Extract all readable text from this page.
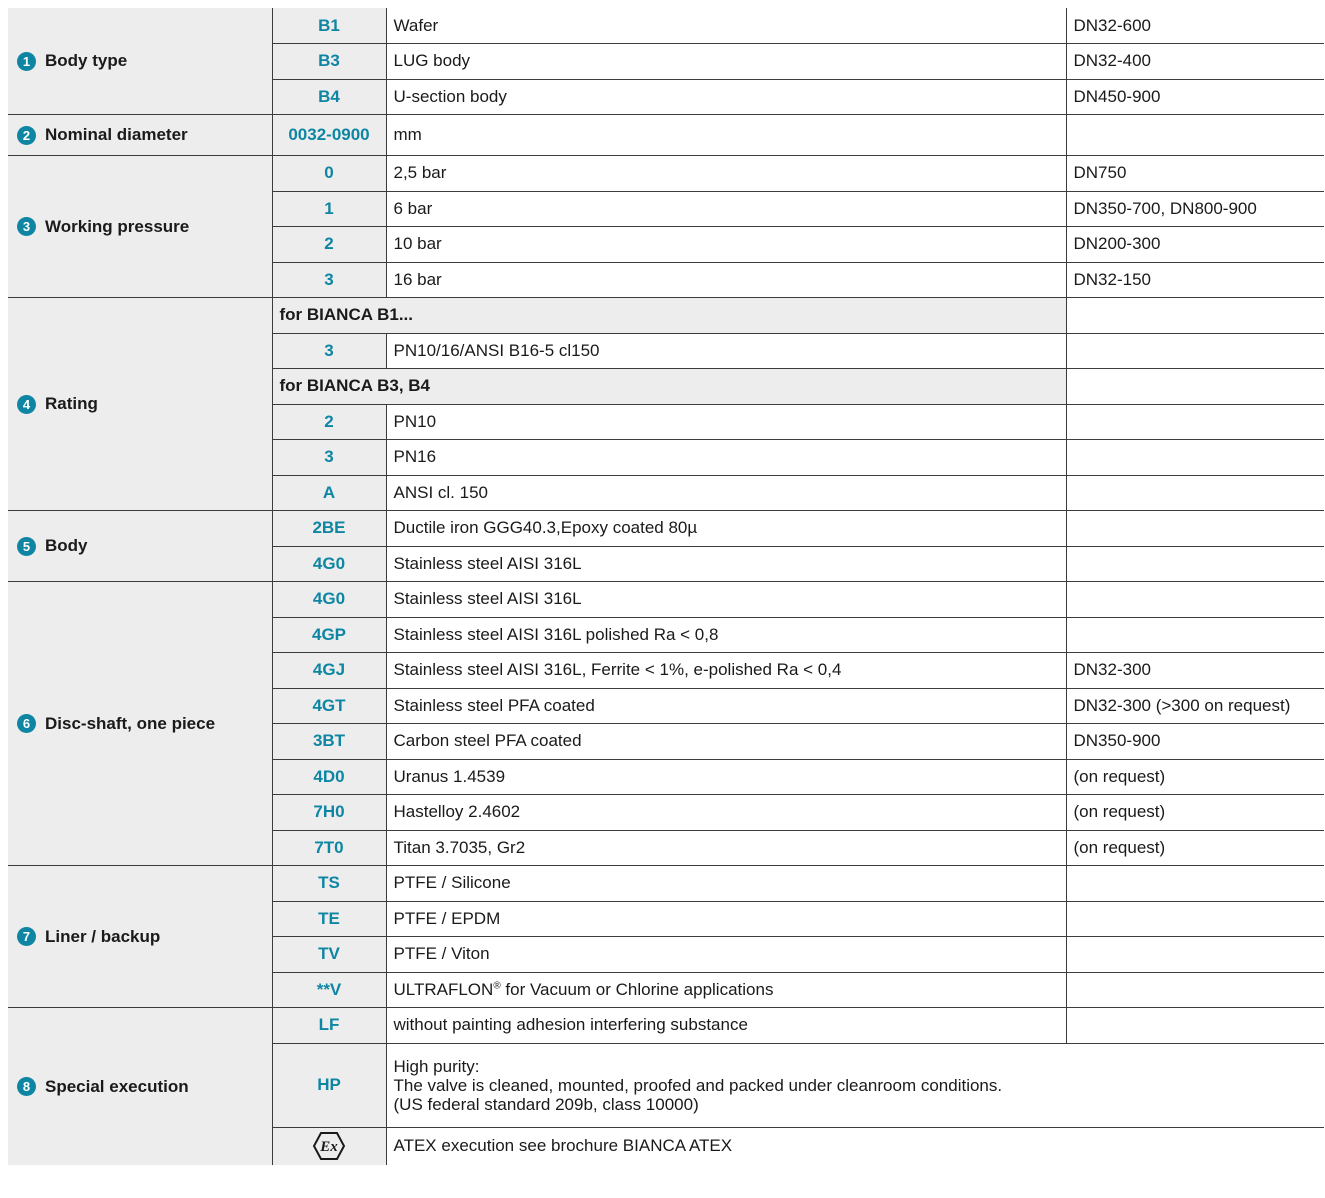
1 Body type	B1	Wafer	DN32-600
	B3	LUG body	DN32-400
	B4	U-section body	DN450-900

2 Nominal diameter	0032-0900	mm	

3 Working pressure	0	2,5 bar	DN750
	1	6 bar	DN350-700, DN800-900
	2	10 bar	DN200-300
	3	16 bar	DN32-150

4 Rating	for BIANCA B1...		
	3	PN10/16/ANSI B16-5 cl150	
	for BIANCA B3, B4		
	2	PN10	
	3	PN16	
	A	ANSI cl. 150	

5 Body	2BE	Ductile iron GGG40.3,Epoxy coated 80µ	
	4G0	Stainless steel AISI 316L	

6 Disc-shaft, one piece	4G0	Stainless steel AISI 316L	
	4GP	Stainless steel AISI 316L polished Ra < 0,8	
	4GJ	Stainless steel AISI 316L, Ferrite < 1%, e-polished Ra < 0,4	DN32-300
	4GT	Stainless steel PFA coated	DN32-300 (>300 on request)
	3BT	Carbon steel PFA coated	DN350-900
	4D0	Uranus 1.4539	(on request)
	7H0	Hastelloy 2.4602	(on request)
	7T0	Titan 3.7035, Gr2	(on request)

7 Liner / backup	TS	PTFE / Silicone	
	TE	PTFE / EPDM	
	TV	PTFE / Viton	
	**V	ULTRAFLON® for Vacuum or Chlorine applications	

8 Special execution	LF	without painting adhesion interfering substance	
	HP	High purity:
The valve is cleaned, mounted, proofed and packed under cleanroom conditions.
(US federal standard 209b, class 10000)	

Ex	ATEX execution see brochure BIANCA ATEX	
